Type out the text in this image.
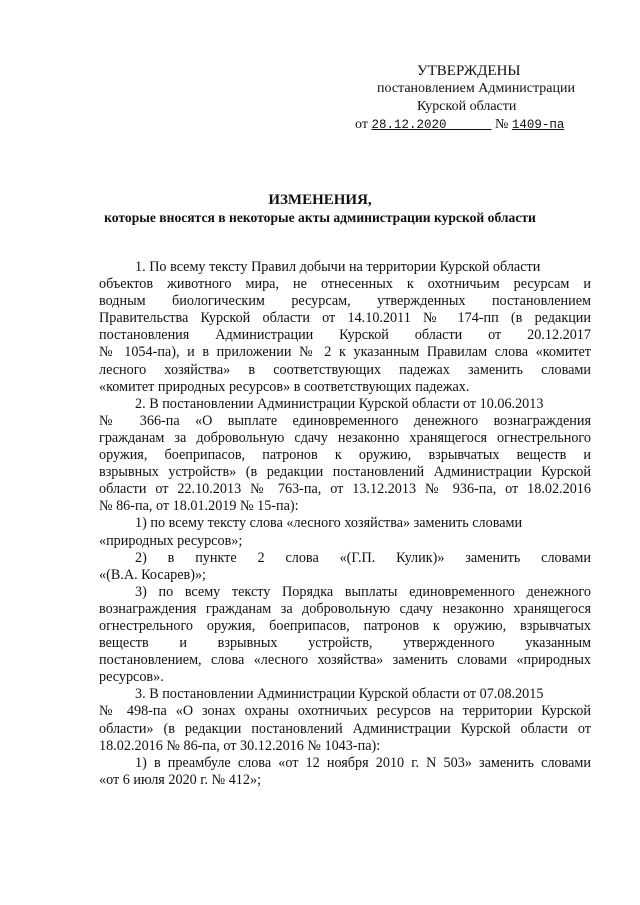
УТВЕРЖДЕНЫ
постановлением Администрации
Курской области
от 28.12.2020	№ 1409-па
ИЗМЕНЕНИЯ,
которые вносятся в некоторые акты администрации курской области
1. По всему тексту Правил добычи на территории Курской области
объектов животного мира, не отнесенных к охотничьим ресурсам и
водным биологическим ресурсам, утвержденных постановлением
Правительства Курской области от 14.10.2011 № 174-пп (в редакции
постановления Администрации Курской области от 20.12.2017
№ 1054-па), и в приложении № 2 к указанным Правилам слова «комитет
лесного хозяйства» в соответствующих падежах заменить словами
«комитет природных ресурсов» в соответствующих падежах.
2. В постановлении Администрации Курской области от 10.06.2013
№ 366-па «О выплате единовременного денежного вознаграждения
гражданам за добровольную сдачу незаконно хранящегося огнестрельного
оружия, боеприпасов, патронов к оружию, взрывчатых веществ и
взрывных устройств» (в редакции постановлений Администрации Курской
области от 22.10.2013 № 763-па, от 13.12.2013 № 936-па, от 18.02.2016
№ 86-па, от 18.01.2019 № 15-па):
1) по всему тексту слова «лесного хозяйства» заменить словами
«природных ресурсов»;
2) в пункте 2 слова «(Г.П. Кулик)» заменить словами
«(В.А. Косарев)»;
3) по всему тексту Порядка выплаты единовременного денежного
вознаграждения гражданам за добровольную сдачу незаконно хранящегося
огнестрельного оружия, боеприпасов, патронов к оружию, взрывчатых
веществ и взрывных устройств, утвержденного указанным
постановлением, слова «лесного хозяйства» заменить словами «природных
ресурсов».
3. В постановлении Администрации Курской области от 07.08.2015
№ 498-па «О зонах охраны охотничьих ресурсов на территории Курской
области» (в редакции постановлений Администрации Курской области от
18.02.2016 № 86-па, от 30.12.2016 № 1043-па):
1) в преамбуле слова «от 12 ноября 2010 г. N 503» заменить словами
«от 6 июля 2020 г. № 412»;
